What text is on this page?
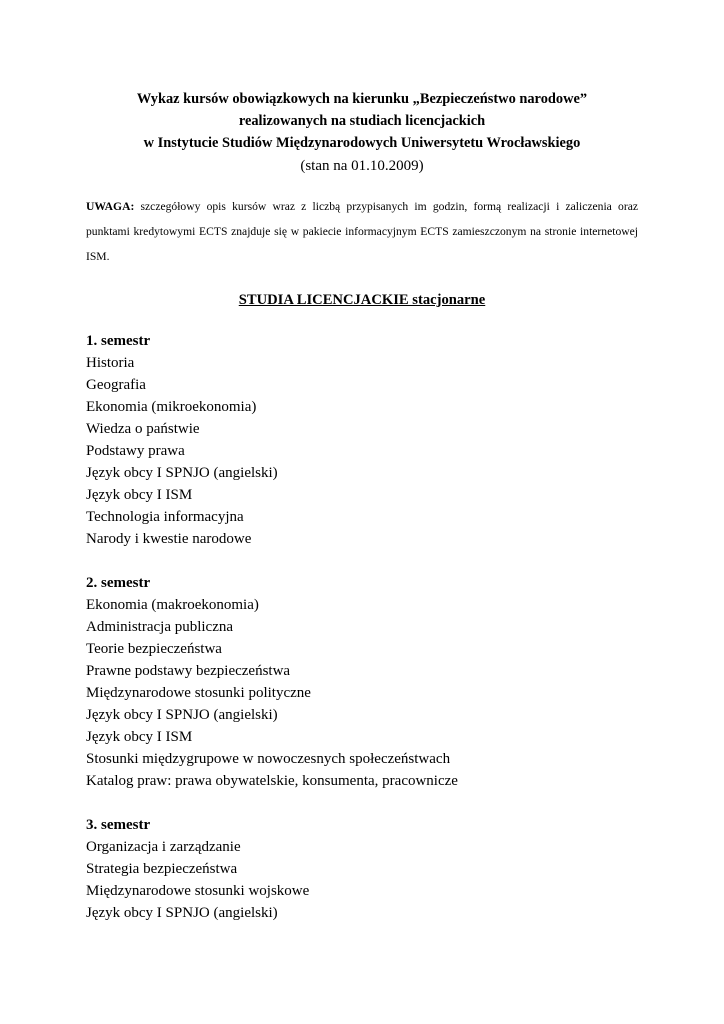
Wykaz kursów obowiązkowych na kierunku „Bezpieczeństwo narodowe”
realizowanych na studiach licencjackich
w Instytucie Studiów Międzynarodowych Uniwersytetu Wrocławskiego
(stan na 01.10.2009)
UWAGA: szczegółowy opis kursów wraz z liczbą przypisanych im godzin, formą realizacji i zaliczenia oraz punktami kredytowymi ECTS znajduje się w pakiecie informacyjnym ECTS zamieszczonym na stronie internetowej ISM.
STUDIA LICENCJACKIE stacjonarne
1. semestr
Historia
Geografia
Ekonomia (mikroekonomia)
Wiedza o państwie
Podstawy prawa
Język obcy I SPNJO (angielski)
Język obcy I ISM
Technologia informacyjna
Narody i kwestie narodowe
2. semestr
Ekonomia (makroekonomia)
Administracja publiczna
Teorie bezpieczeństwa
Prawne podstawy bezpieczeństwa
Międzynarodowe stosunki polityczne
Język obcy I SPNJO (angielski)
Język obcy I ISM
Stosunki międzygrupowe w nowoczesnych społeczeństwach
Katalog praw: prawa obywatelskie, konsumenta, pracownicze
3. semestr
Organizacja i zarządzanie
Strategia bezpieczeństwa
Międzynarodowe stosunki wojskowe
Język obcy I SPNJO (angielski)
